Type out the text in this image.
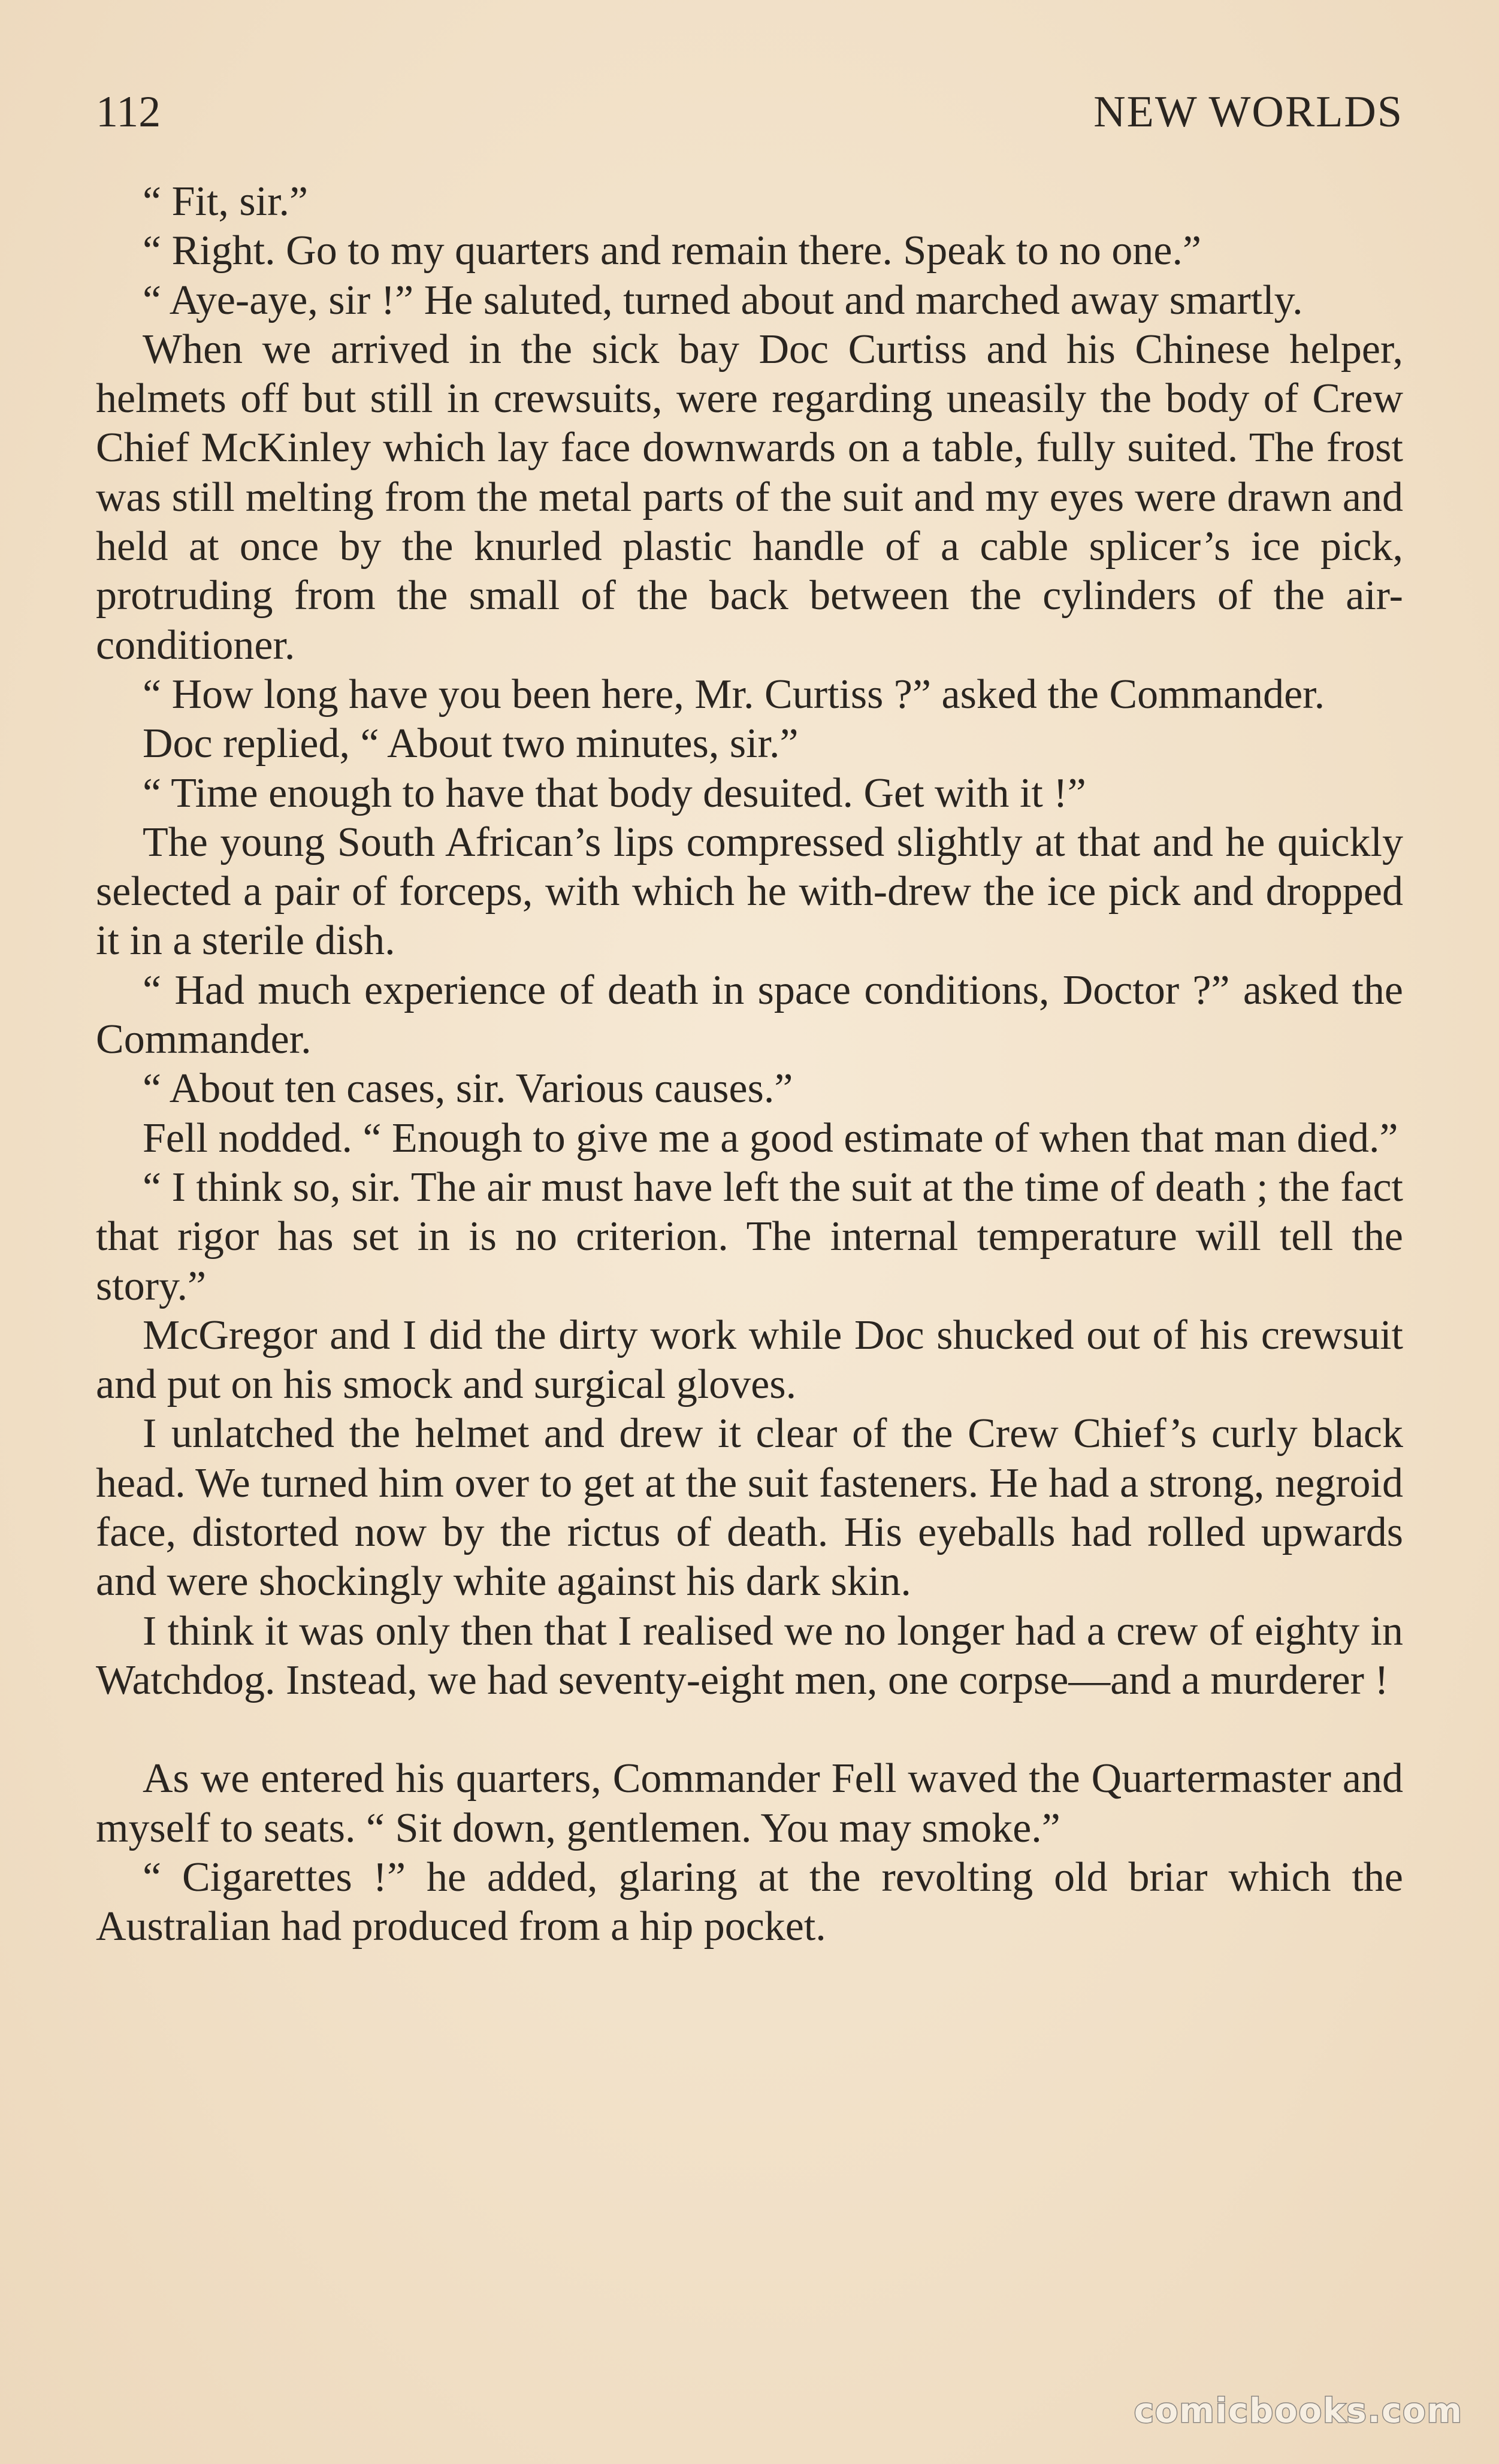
112	NEW WORLDS

“ Fit, sir.”

“ Right. Go to my quarters and remain there. Speak to no one.”

“ Aye-aye, sir !” He saluted, turned about and marched away smartly.

When we arrived in the sick bay Doc Curtiss and his Chinese helper, helmets off but still in crewsuits, were regarding uneasily the body of Crew Chief McKinley which lay face downwards on a table, fully suited. The frost was still melting from the metal parts of the suit and my eyes were drawn and held at once by the knurled plastic handle of a cable splicer’s ice pick, protruding from the small of the back between the cylinders of the air-conditioner.

“ How long have you been here, Mr. Curtiss ?” asked the Commander.

Doc replied, “ About two minutes, sir.”

“ Time enough to have that body desuited. Get with it !”

The young South African’s lips compressed slightly at that and he quickly selected a pair of forceps, with which he with-drew the ice pick and dropped it in a sterile dish.

“ Had much experience of death in space conditions, Doctor ?” asked the Commander.

“ About ten cases, sir. Various causes.”

Fell nodded. “ Enough to give me a good estimate of when that man died.”

“ I think so, sir. The air must have left the suit at the time of death ; the fact that rigor has set in is no criterion. The internal temperature will tell the story.”

McGregor and I did the dirty work while Doc shucked out of his crewsuit and put on his smock and surgical gloves.

I unlatched the helmet and drew it clear of the Crew Chief’s curly black head. We turned him over to get at the suit fasteners. He had a strong, negroid face, distorted now by the rictus of death. His eyeballs had rolled upwards and were shockingly white against his dark skin.

I think it was only then that I realised we no longer had a crew of eighty in Watchdog. Instead, we had seventy-eight men, one corpse—and a murderer !

As we entered his quarters, Commander Fell waved the Quartermaster and myself to seats. “ Sit down, gentlemen. You may smoke.”

“ Cigarettes !” he added, glaring at the revolting old briar which the Australian had produced from a hip pocket.

comicbooks.com
